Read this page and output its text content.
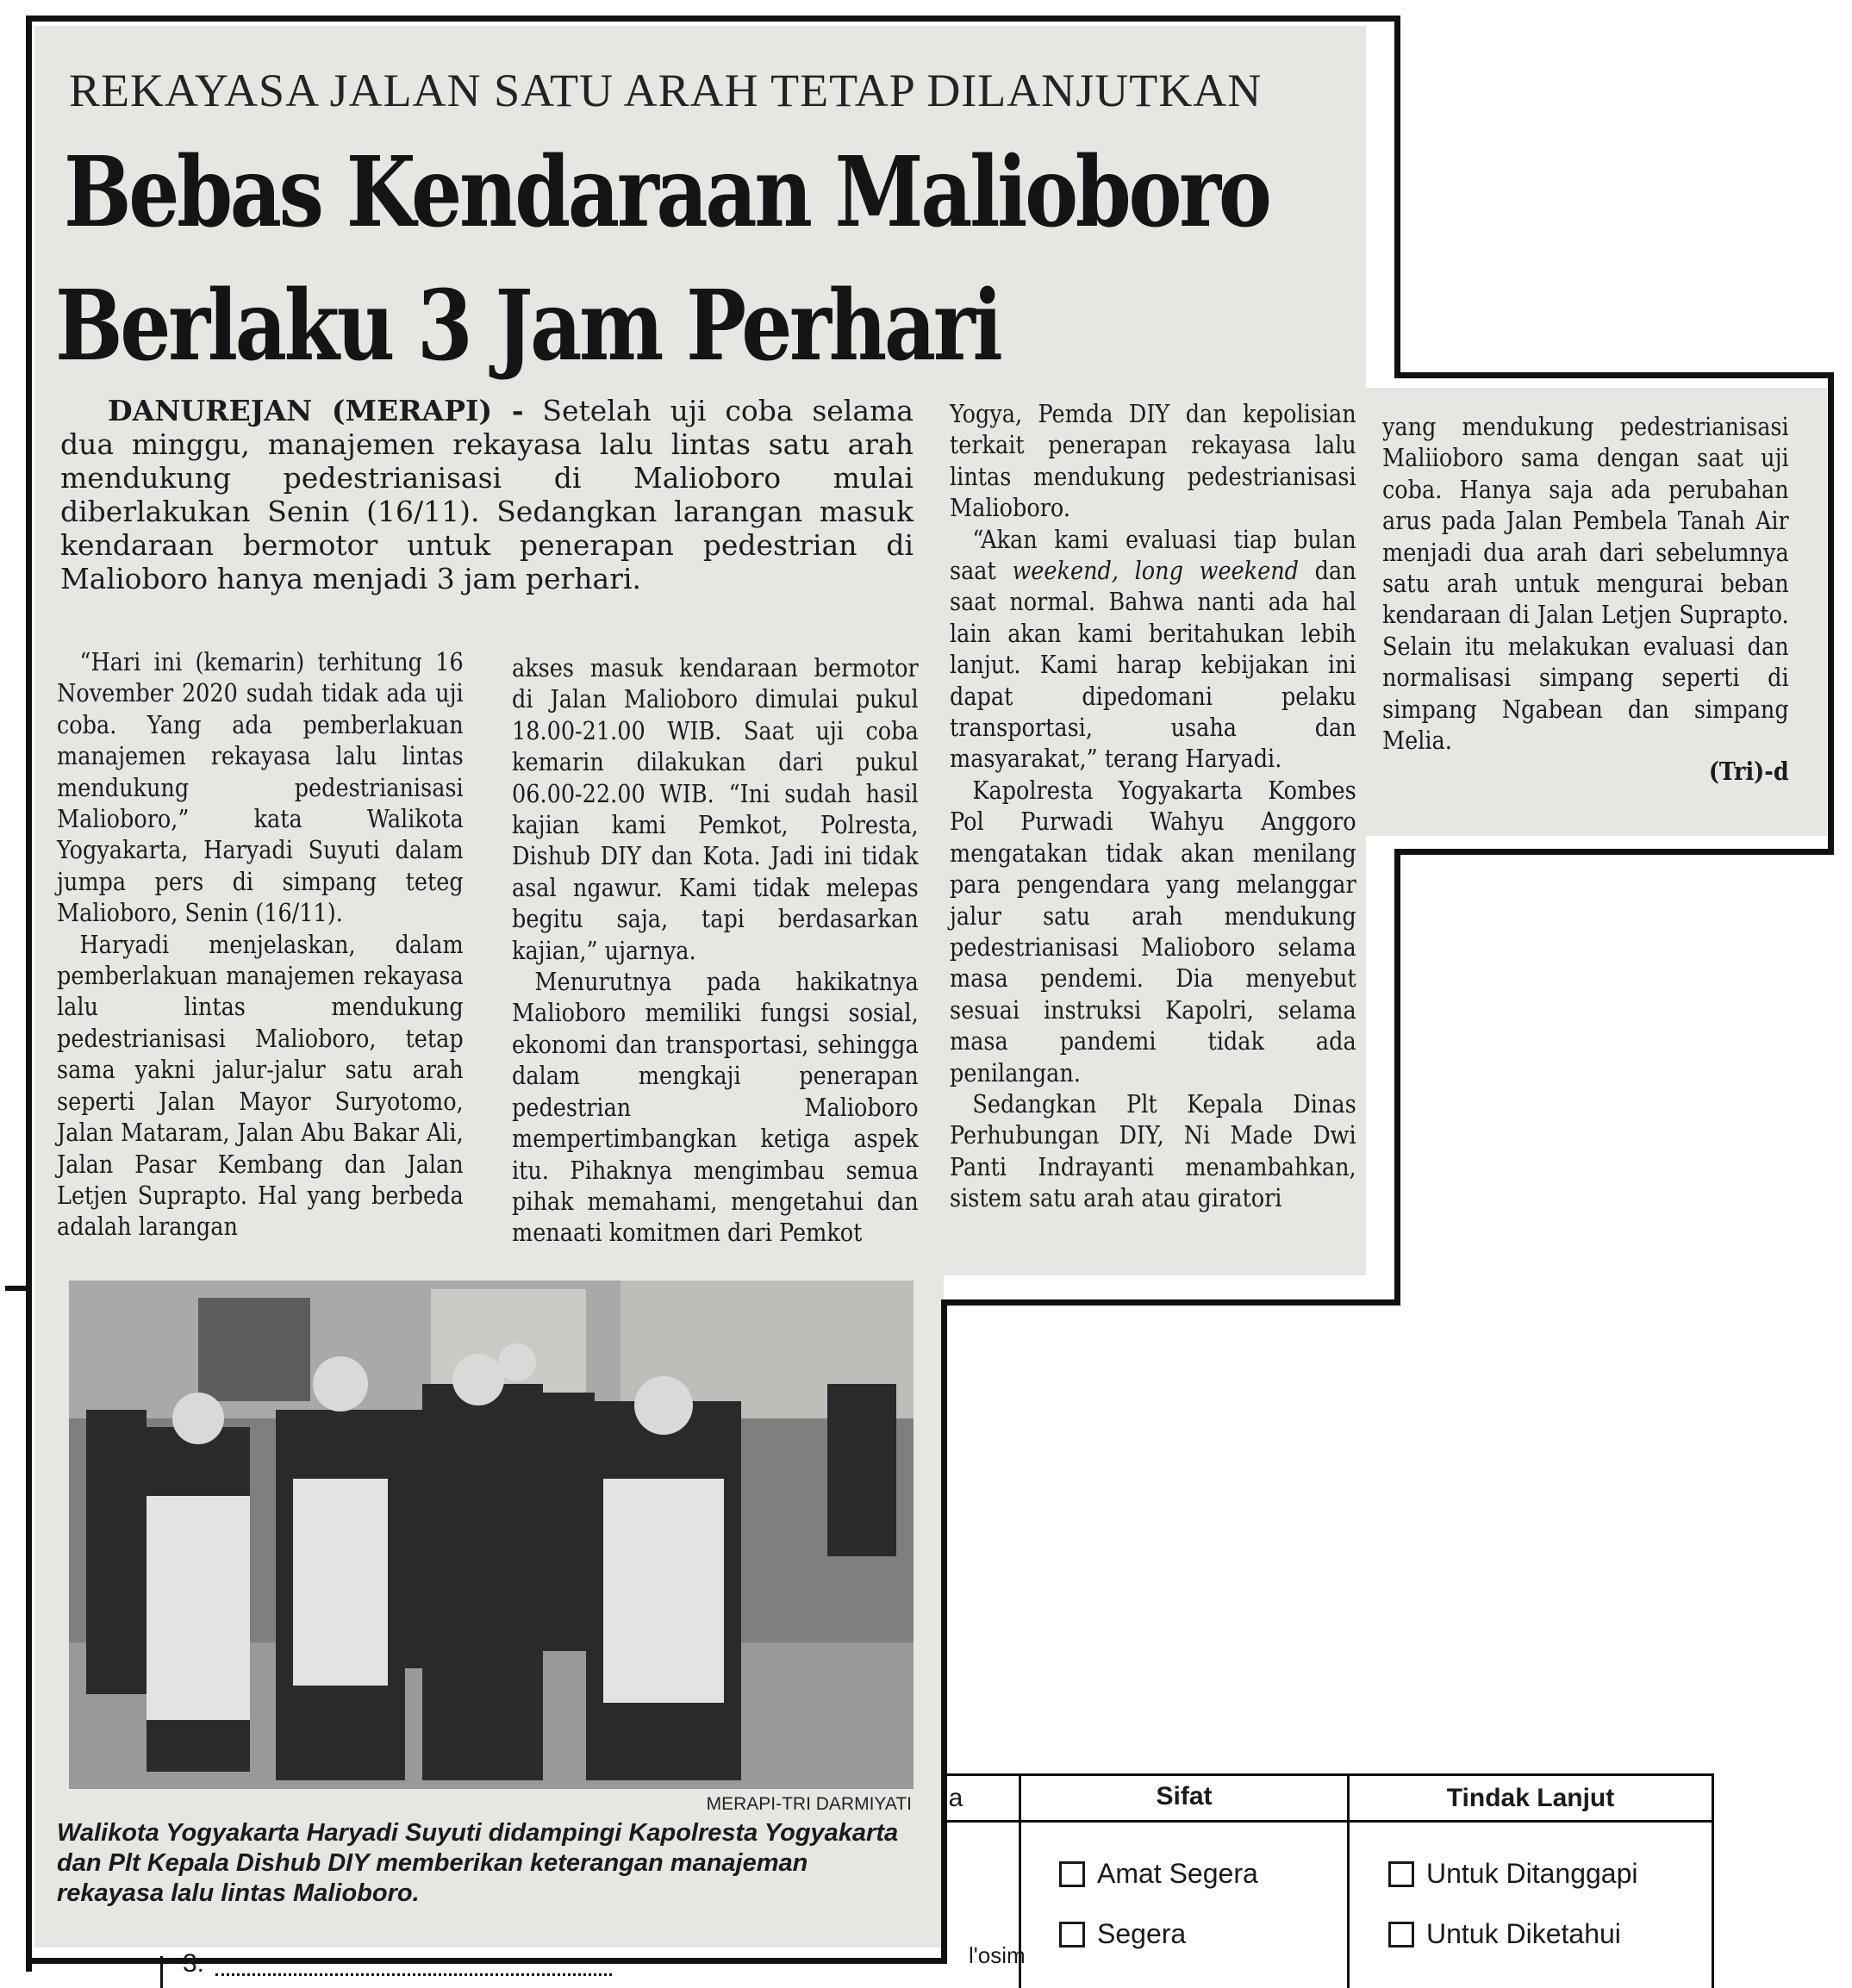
REKAYASA JALAN SATU ARAH TETAP DILANJUTKAN
Bebas Kendaraan Malioboro
Berlaku 3 Jam Perhari
DANUREJAN (MERAPI) - Setelah uji coba selama dua minggu, manajemen rekayasa lalu lintas satu arah mendukung pedestrianisasi di Malioboro mulai diberlakukan Senin (16/11). Sedangkan larangan masuk kendaraan bermotor untuk penerapan pedestrian di Malioboro hanya menjadi 3 jam perhari.

“Hari ini (kemarin) terhitung 16 November 2020 sudah tidak ada uji coba. Yang ada pemberlakuan manajemen rekayasa lalu lintas mendukung pedestrianisasi Malioboro,” kata Walikota Yogyakarta, Haryadi Suyuti dalam jumpa pers di simpang teteg Malioboro, Senin (16/11).

Haryadi menjelaskan, dalam pemberlakuan manajemen rekayasa lalu lintas mendukung pedestrianisasi Malioboro, tetap sama yakni jalur-jalur satu arah seperti Jalan Mayor Suryotomo, Jalan Mataram, Jalan Abu Bakar Ali, Jalan Pasar Kembang dan Jalan Letjen Suprapto. Hal yang berbeda adalah larangan

akses masuk kendaraan bermotor di Jalan Malioboro dimulai pukul 18.00-21.00 WIB. Saat uji coba kemarin dilakukan dari pukul 06.00-22.00 WIB. “Ini sudah hasil kajian kami Pemkot, Polresta, Dishub DIY dan Kota. Jadi ini tidak asal ngawur. Kami tidak melepas begitu saja, tapi berdasarkan kajian,” ujarnya.

Menurutnya pada hakikatnya Malioboro memiliki fungsi sosial, ekonomi dan transportasi, sehingga dalam mengkaji penerapan pedestrian Malioboro mempertimbangkan ketiga aspek itu. Pihaknya mengimbau semua pihak memahami, mengetahui dan menaati komitmen dari Pemkot

Yogya, Pemda DIY dan kepolisian terkait penerapan rekayasa lalu lintas mendukung pedestrianisasi Malioboro.

“Akan kami evaluasi tiap bulan saat weekend, long weekend dan saat normal. Bahwa nanti ada hal lain akan kami beritahukan lebih lanjut. Kami harap kebijakan ini dapat dipedomani pelaku transportasi, usaha dan masyarakat,” terang Haryadi.

Kapolresta Yogyakarta Kombes Pol Purwadi Wahyu Anggoro mengatakan tidak akan menilang para pengendara yang melanggar jalur satu arah mendukung pedestrianisasi Malioboro selama masa pendemi. Dia menyebut sesuai instruksi Kapolri, selama masa pandemi tidak ada penilangan.

Sedangkan Plt Kepala Dinas Perhubungan DIY, Ni Made Dwi Panti Indrayanti menambahkan, sistem satu arah atau giratori

yang mendukung pedestrianisasi Maliioboro sama dengan saat uji coba. Hanya saja ada perubahan arus pada Jalan Pembela Tanah Air menjadi dua arah dari sebelumnya satu arah untuk mengurai beban kendaraan di Jalan Letjen Suprapto. Selain itu melakukan evaluasi dan normalisasi simpang seperti di simpang Ngabean dan simpang Melia.

(Tri)-d

MERAPI-TRI DARMIYATI
Walikota Yogyakarta Haryadi Suyuti didampingi Kapolresta Yogyakarta dan Plt Kepala Dishub DIY memberikan keterangan manajeman rekayasa lalu lintas Malioboro.
a	Sifat	Tindak Lanjut
Amat Segera
Segera
Untuk Ditanggapi
Untuk Diketahui
l'osim
3.
